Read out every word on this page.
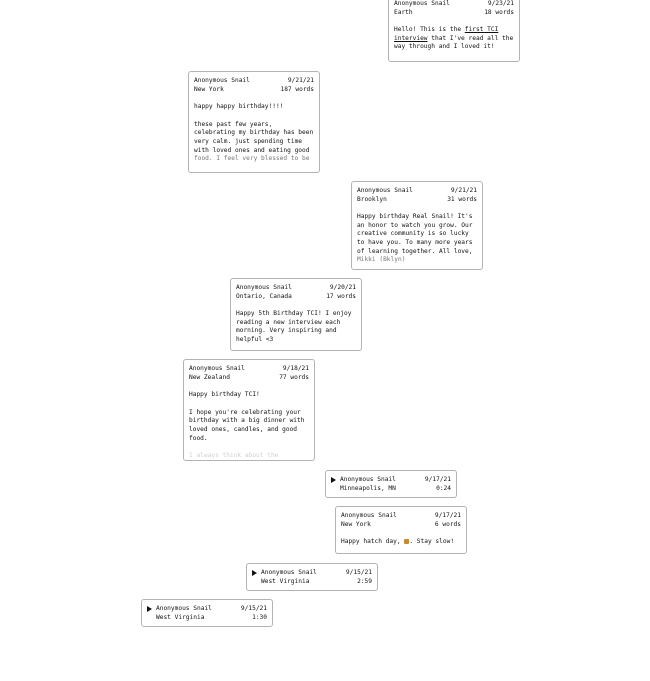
Anonymous Snail
Earth
9/23/21
18 words

Hello! This is the first TCI interview that I've read all the way through and I loved it!

Anonymous Snail
New York
9/21/21
187 words

happy happy birthday!!!!

these past few years, celebrating my birthday has been very calm. just spending time with loved ones and eating good food. I feel very blessed to be

Anonymous Snail
Brooklyn
9/21/21
31 words

Happy birthday Real Snail! It's an honor to watch you grow. Our creative community is so lucky to have you. To many more years of learning together. All love, Mikki (Bklyn)

Anonymous Snail
Ontario, Canada
9/20/21
17 words

Happy 5th Birthday TCI! I enjoy reading a new interview each morning. Very inspiring and helpful <3

Anonymous Snail
New Zealand
9/18/21
77 words

Happy birthday TCI!

I hope you're celebrating your birthday with a big dinner with loved ones, candles, and good food.

I always think about the

Anonymous Snail
Minneapolis, MN
9/17/21
0:24
Anonymous Snail
New York
9/17/21
6 words

Happy hatch day, . Stay slow!

Anonymous Snail
West Virginia
9/15/21
2:59
Anonymous Snail
West Virginia
9/15/21
1:30
